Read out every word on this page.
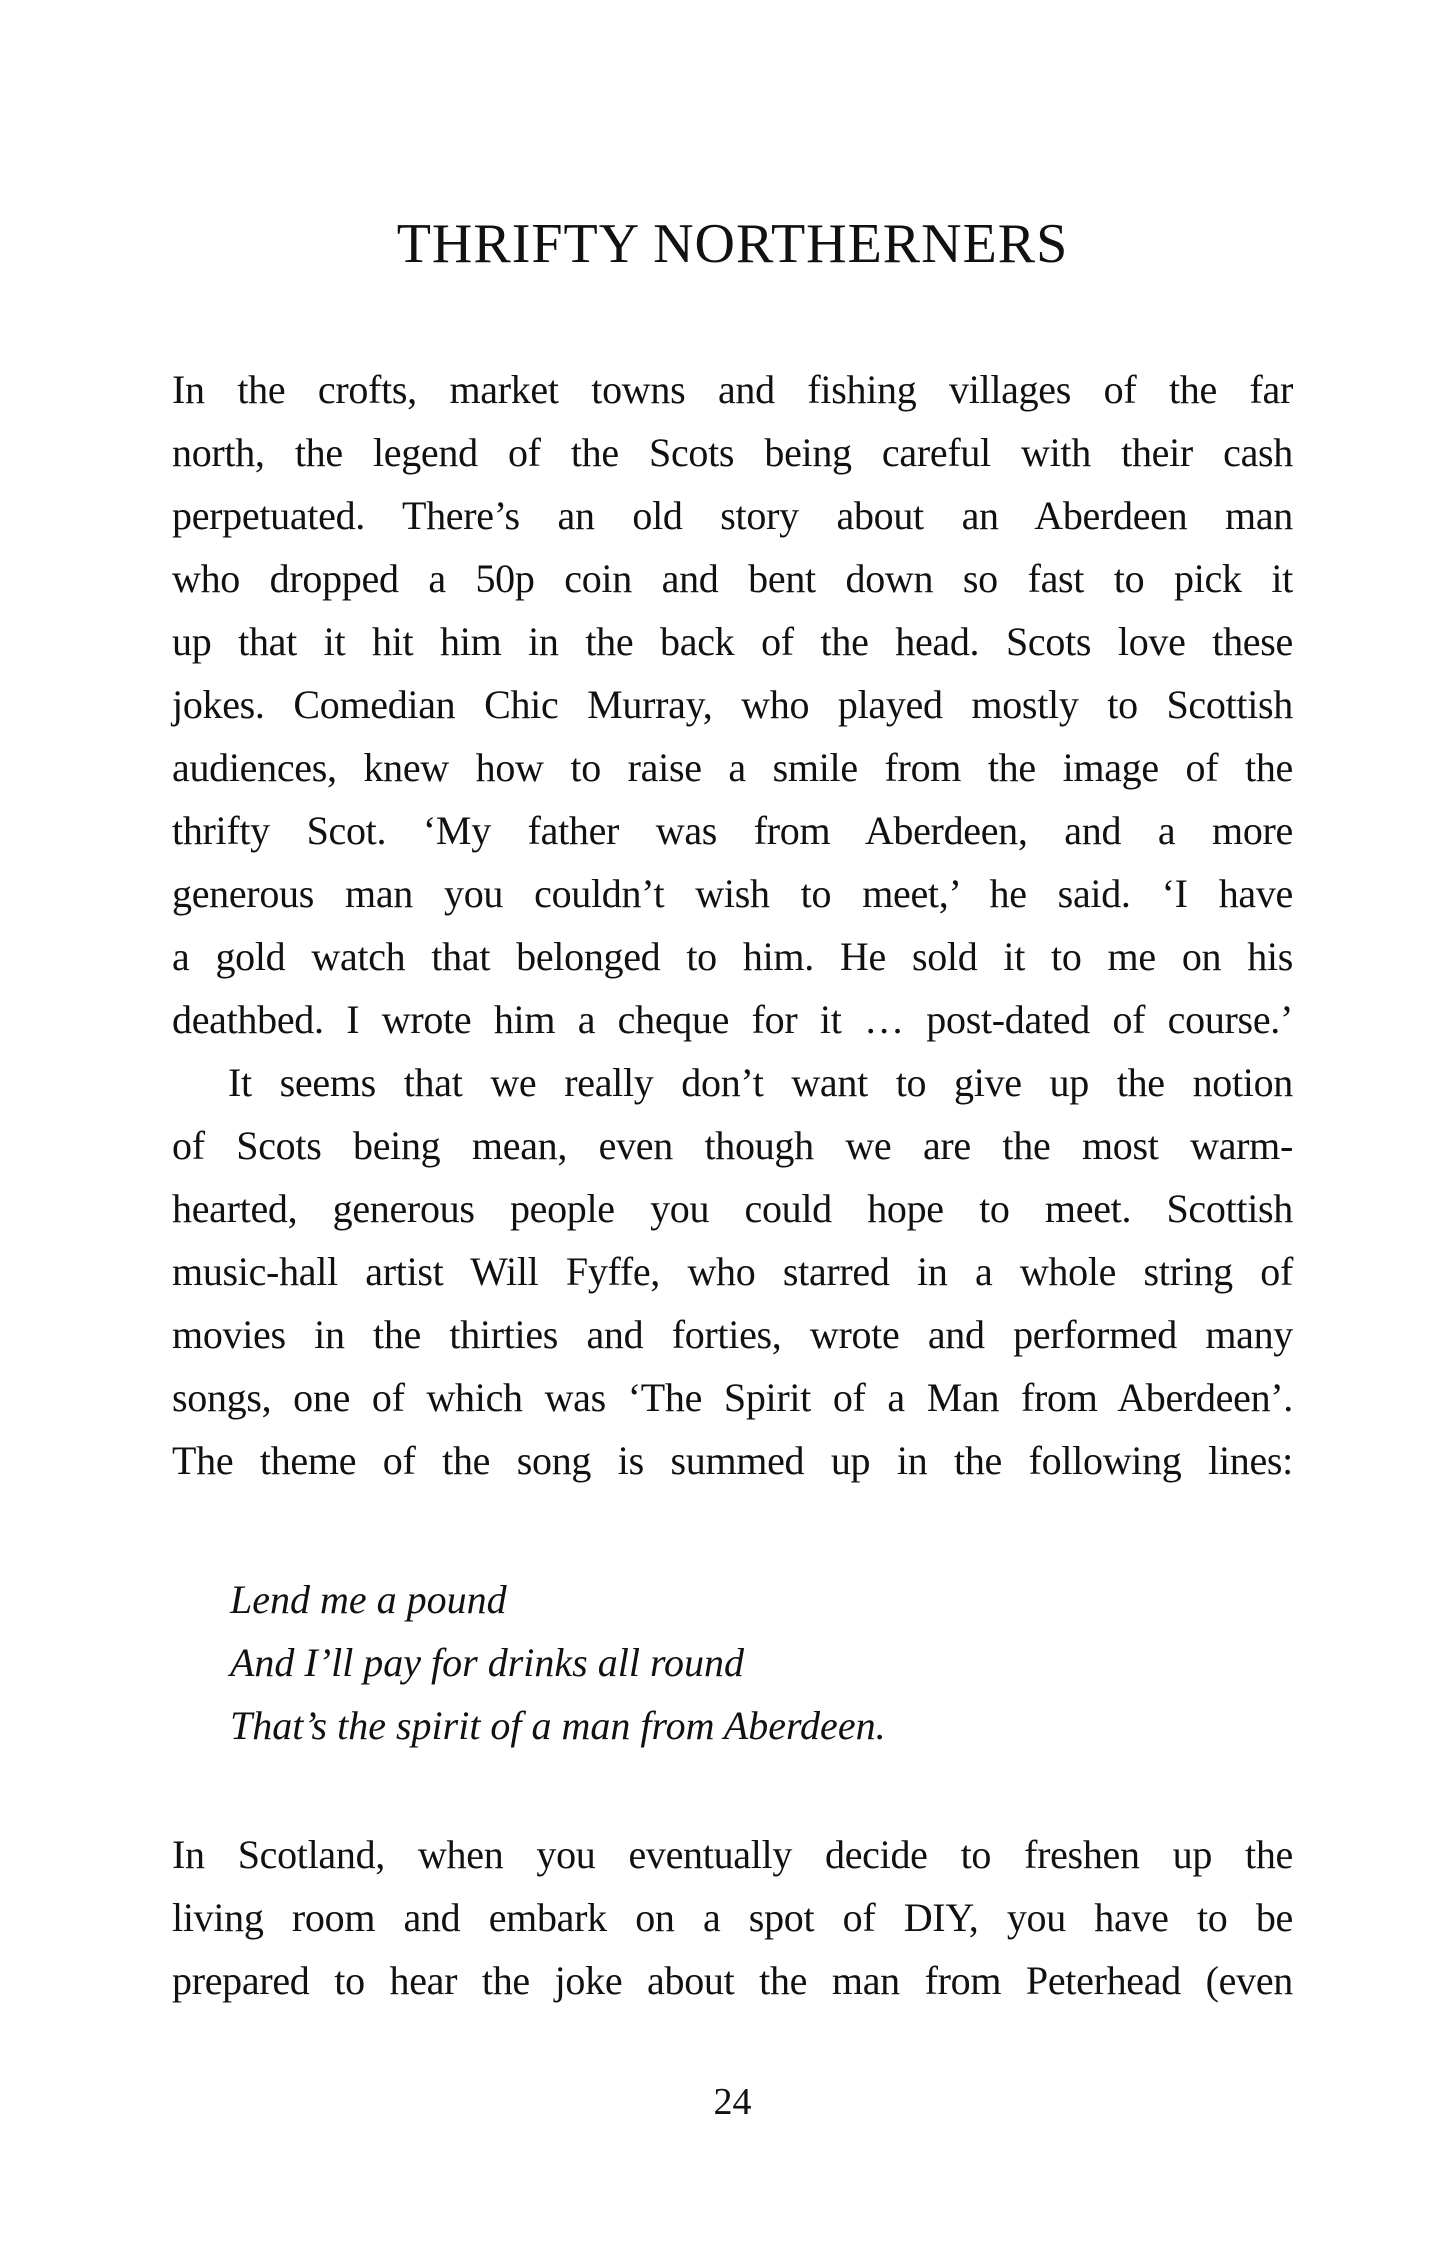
THRIFTY NORTHERNERS
In the crofts, market towns and fishing villages of the far
north, the legend of the Scots being careful with their cash
perpetuated. There’s an old story about an Aberdeen man
who dropped a 50p coin and bent down so fast to pick it
up that it hit him in the back of the head. Scots love these
jokes. Comedian Chic Murray, who played mostly to Scottish
audiences, knew how to raise a smile from the image of the
thrifty Scot. ‘My father was from Aberdeen, and a more
generous man you couldn’t wish to meet,’ he said. ‘I have
a gold watch that belonged to him. He sold it to me on his
deathbed. I wrote him a cheque for it … post-dated of course.’
It seems that we really don’t want to give up the notion
of Scots being mean, even though we are the most warm-
hearted, generous people you could hope to meet. Scottish
music-hall artist Will Fyffe, who starred in a whole string of
movies in the thirties and forties, wrote and performed many
songs, one of which was ‘The Spirit of a Man from Aberdeen’.
The theme of the song is summed up in the following lines:
Lend me a pound
And I’ll pay for drinks all round
That’s the spirit of a man from Aberdeen.
In Scotland, when you eventually decide to freshen up the
living room and embark on a spot of DIY, you have to be
prepared to hear the joke about the man from Peterhead (even
24
